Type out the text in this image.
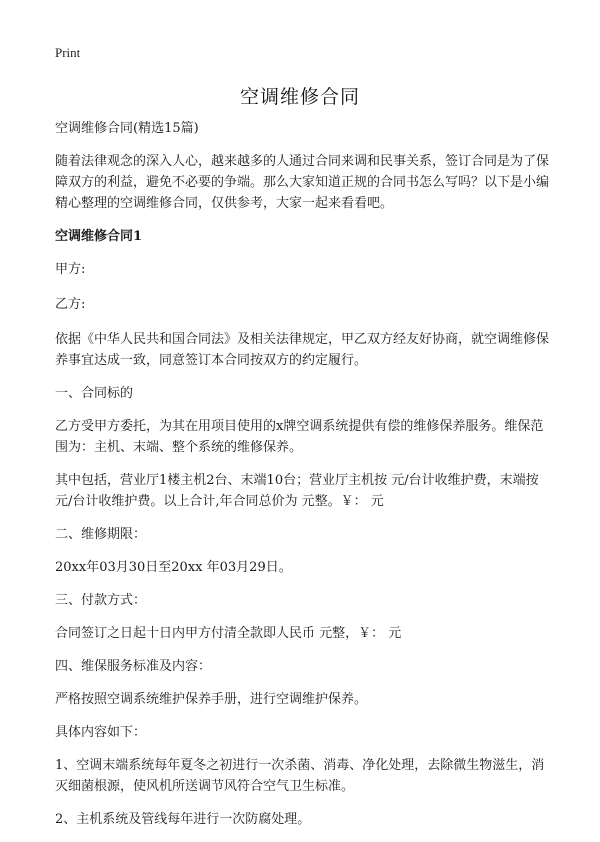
Print
空调维修合同

空调维修合同(精选15篇)

随着法律观念的深入人心，越来越多的人通过合同来调和民事关系，签订合同是为了保障双方的利益，避免不必要的争端。那么大家知道正规的合同书怎么写吗？以下是小编精心整理的空调维修合同，仅供参考，大家一起来看看吧。

空调维修合同1

甲方:

乙方:

依据《中华人民共和国合同法》及相关法律规定，甲乙双方经友好协商，就空调维修保养事宜达成一致，同意签订本合同按双方的约定履行。

一、合同标的

乙方受甲方委托，为其在用项目使用的x牌空调系统提供有偿的维修保养服务。维保范围为：主机、末端、整个系统的维修保养。

其中包括，营业厅1楼主机2台、末端10台；营业厅主机按 元/台计收维护费，末端按 元/台计收维护费。以上合计,年合同总价为 元整。￥： 元

二、维修期限：

20xx年03月30日至20xx 年03月29日。

三、付款方式：

合同签订之日起十日内甲方付清全款即人民币 元整，￥： 元

四、维保服务标准及内容：

严格按照空调系统维护保养手册，进行空调维护保养。

具体内容如下：

1、空调末端系统每年夏冬之初进行一次杀菌、消毒、净化处理，去除微生物滋生，消灭细菌根源，使风机所送调节风符合空气卫生标准。

2、主机系统及管线每年进行一次防腐处理。
